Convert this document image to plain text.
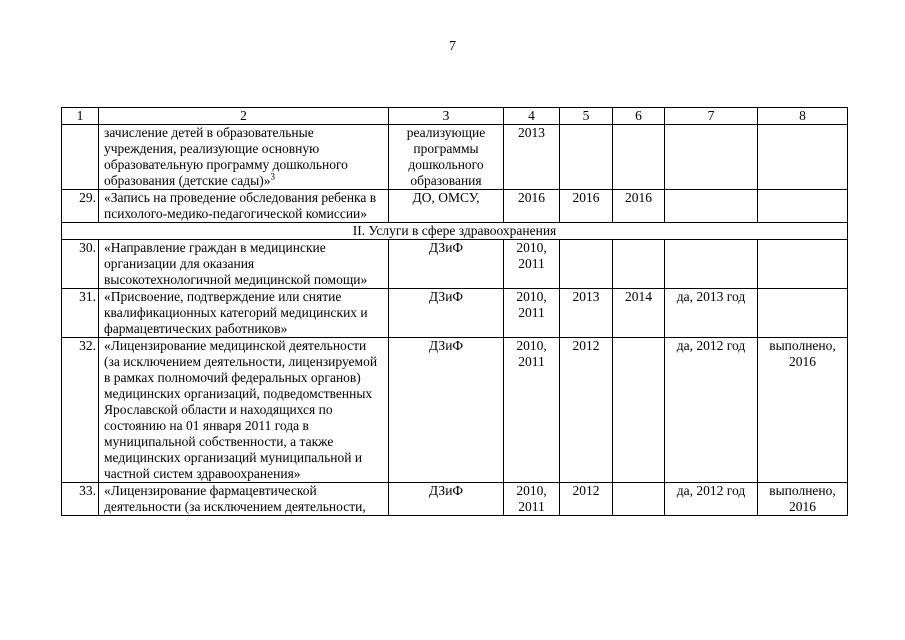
7
1	2	3	4	5	6	7	8
	зачисление детей в образовательные учреждения, реализующие основную образовательную программу дошкольного образования (детские сады)»$^3$	реализующие программы дошкольного образования	2013				
29.	«Запись на проведение обследования ребенка в психолого-медико-педагогической комиссии»	ДО, ОМСУ,	2016	2016	2016		
II. Услуги в сфере здравоохранения							
30.	«Направление граждан в медицинские организации для оказания высокотехнологичной медицинской помощи»	ДЗиФ	2010, 2011				
31.	«Присвоение, подтверждение или снятие квалификационных категорий медицинских и фармацевтических работников»	ДЗиФ	2010, 2011	2013	2014	да, 2013 год	
32.	«Лицензирование медицинской деятельности (за исключением деятельности, лицензируемой в рамках полномочий федеральных органов) медицинских организаций, подведомственных Ярославской области и находящихся по состоянию на 01 января 2011 года в муниципальной собственности, а также медицинских организаций муниципальной и частной систем здравоохранения»	ДЗиФ	2010, 2011	2012		да, 2012 год	выполнено, 2016
33.	«Лицензирование фармацевтической деятельности (за исключением деятельности,	ДЗиФ	2010, 2011	2012		да, 2012 год	выполнено, 2016
